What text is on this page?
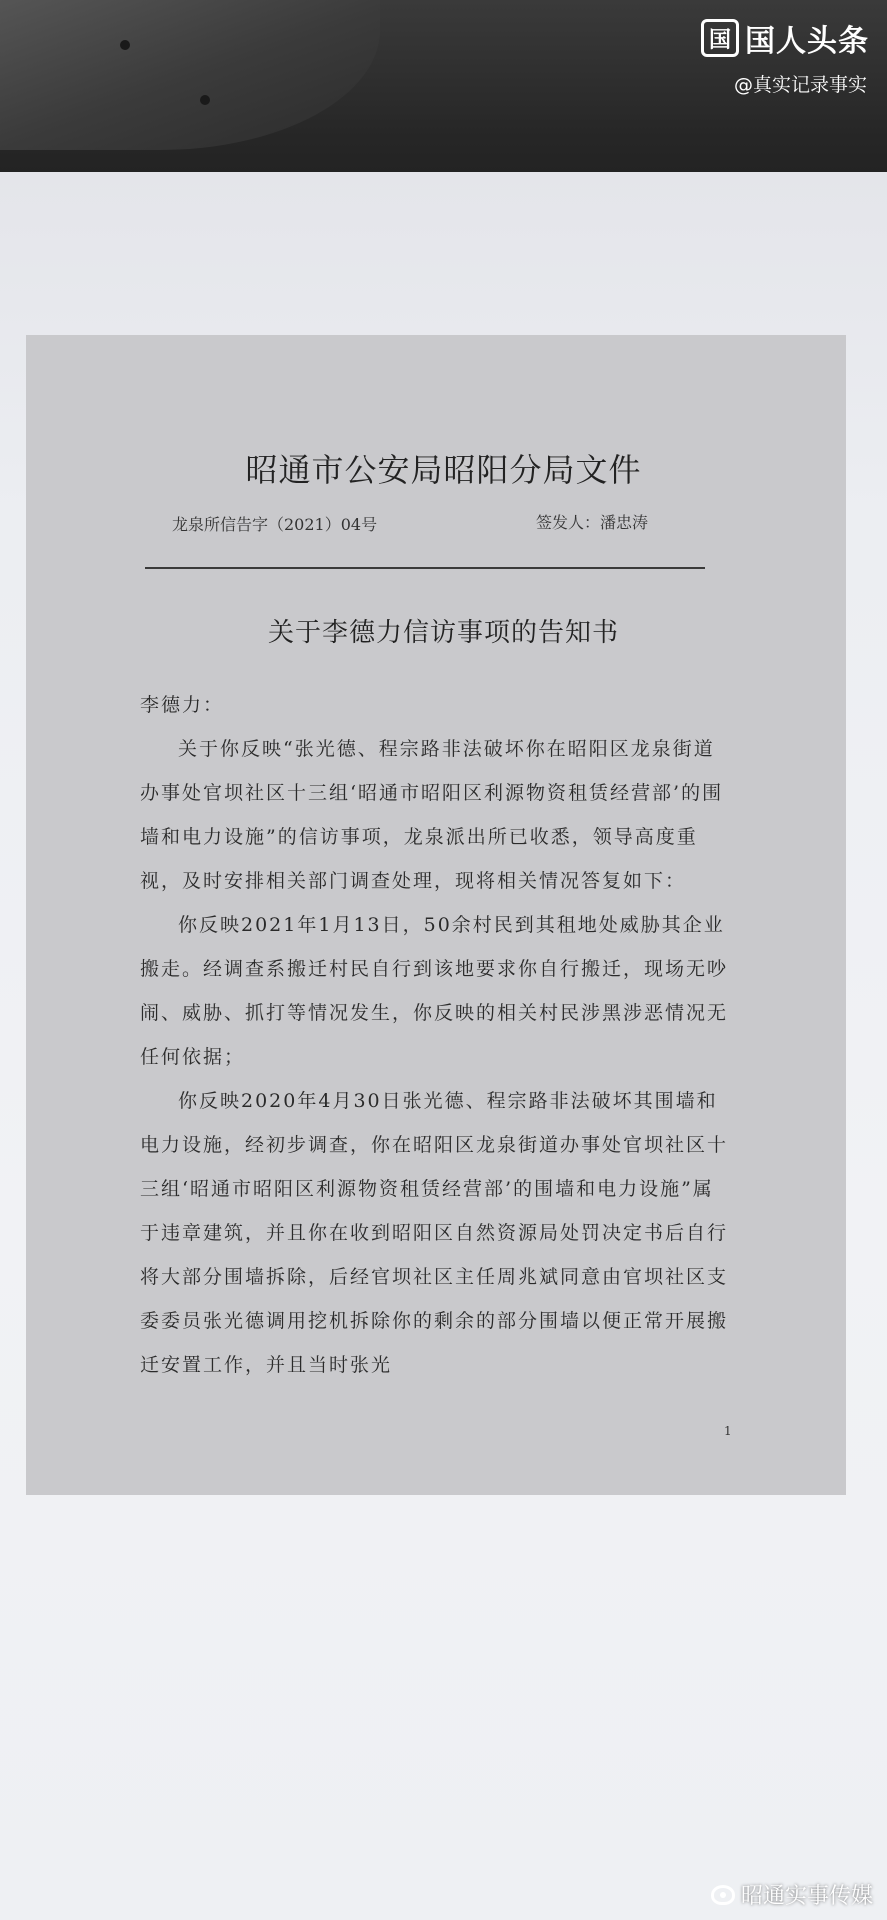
国 国人头条
@真实记录事实
昭通市公安局昭阳分局文件
龙泉所信告字（2021）04号	签发人：潘忠涛
关于李德力信访事项的告知书

李德力：

关于你反映“张光德、程宗路非法破坏你在昭阳区龙泉街道办事处官坝社区十三组‘昭通市昭阳区利源物资租赁经营部’的围墙和电力设施”的信访事项，龙泉派出所已收悉，领导高度重视，及时安排相关部门调查处理，现将相关情况答复如下：

你反映2021年1月13日，50余村民到其租地处威胁其企业搬走。经调查系搬迁村民自行到该地要求你自行搬迁，现场无吵闹、威胁、抓打等情况发生，你反映的相关村民涉黑涉恶情况无任何依据；

你反映2020年4月30日张光德、程宗路非法破坏其围墙和电力设施，经初步调查，你在昭阳区龙泉街道办事处官坝社区十三组‘昭通市昭阳区利源物资租赁经营部’的围墙和电力设施”属于违章建筑，并且你在收到昭阳区自然资源局处罚决定书后自行将大部分围墙拆除，后经官坝社区主任周兆斌同意由官坝社区支委委员张光德调用挖机拆除你的剩余的部分围墙以便正常开展搬迁安置工作，并且当时张光

1
昭通实事传媒
